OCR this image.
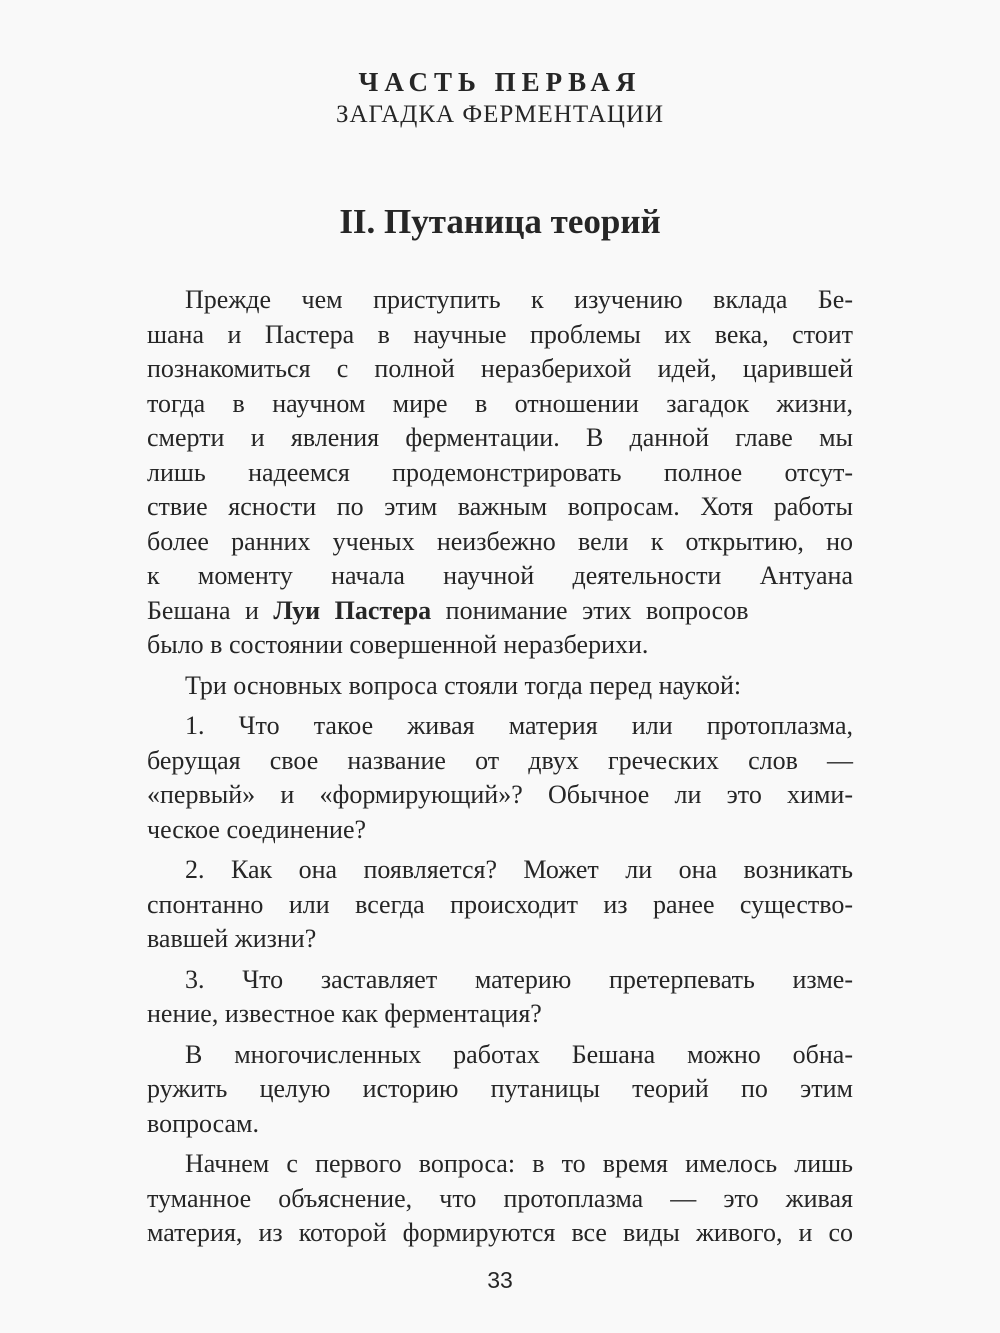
ЧАСТЬ ПЕРВАЯ
ЗАГАДКА ФЕРМЕНТАЦИИ
II. Путаница теорий
Прежде чем приступить к изучению вклада Бе-
шана и Пастера в научные проблемы их века, стоит
познакомиться с полной неразберихой идей, царившей
тогда в научном мире в отношении загадок жизни,
смерти и явления ферментации. В данной главе мы
лишь надеемся продемонстрировать полное отсут-
ствие ясности по этим важным вопросам. Хотя работы
более ранних ученых неизбежно вели к открытию, но
к моменту начала научной деятельности Антуана
Бешана и Луи Пастера понимание этих вопросов
было в состоянии совершенной неразберихи.
Три основных вопроса стояли тогда перед наукой:
1. Что такое живая материя или протоплазма,
берущая свое название от двух греческих слов —
«первый» и «формирующий»? Обычное ли это хими-
ческое соединение?
2. Как она появляется? Может ли она возникать
спонтанно или всегда происходит из ранее существо-
вавшей жизни?
3. Что заставляет материю претерпевать изме-
нение, известное как ферментация?
В многочисленных работах Бешана можно обна-
ружить целую историю путаницы теорий по этим
вопросам.
Начнем с первого вопроса: в то время имелось лишь
туманное объяснение, что протоплазма — это живая
материя, из которой формируются все виды живого, и со
33
